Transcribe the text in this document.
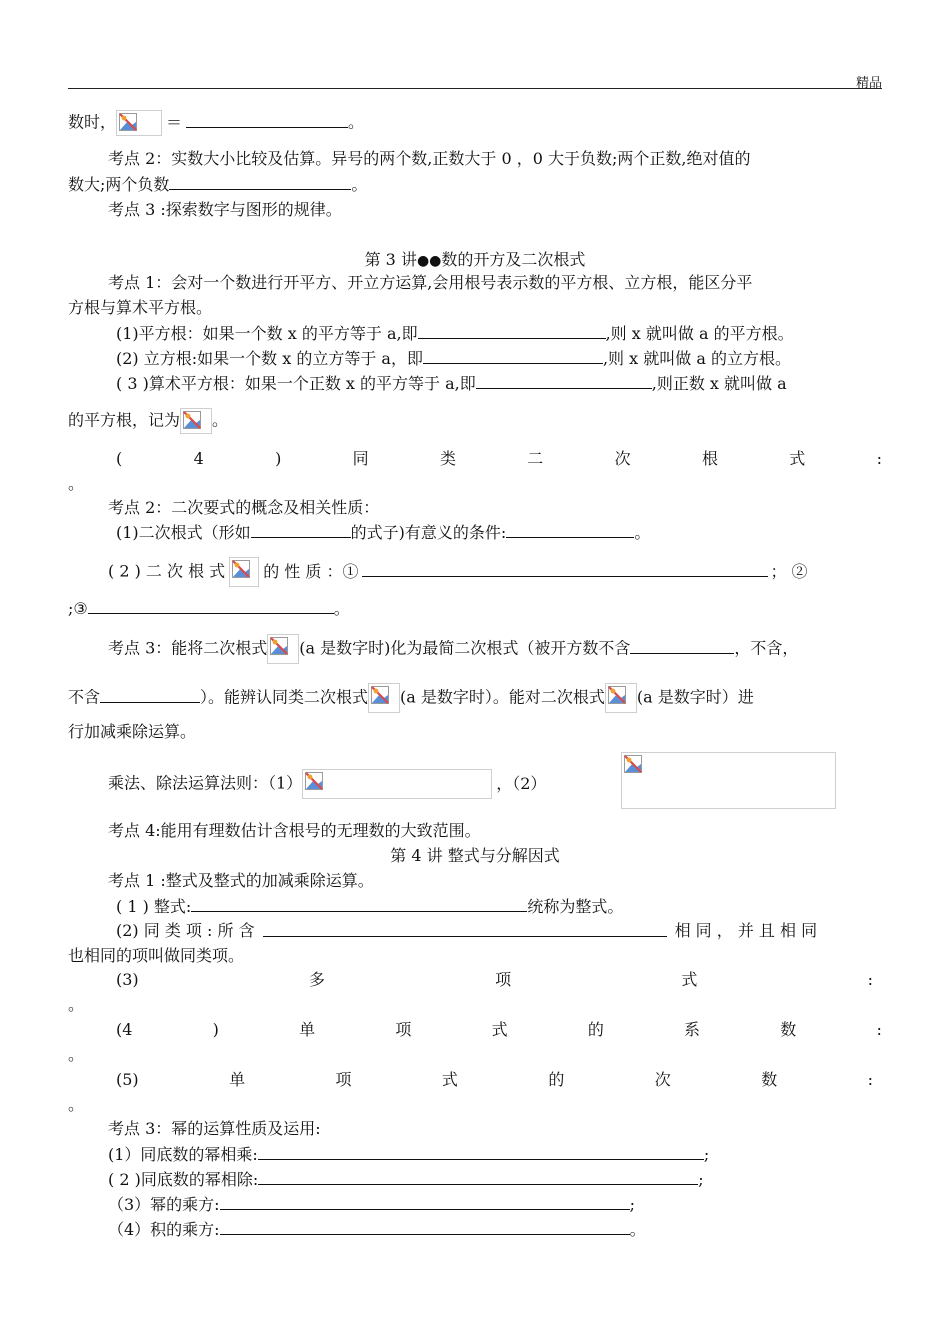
精品
数时，	＝	。
考点 2：实数大小比较及估算。异号的两个数,正数大于 0 ，0 大于负数;两个正数,绝对值的
数大;两个负数	。
考点 3 :探索数字与图形的规律。
第 3 讲●●数的开方及二次根式
考点 1：会对一个数进行开平方、开立方运算,会用根号表示数的平方根、立方根，能区分平
方根与算术平方根。
(1)平方根：如果一个数 x 的平方等于 a,即	,则 x 就叫做 a 的平方根。
(2) 立方根:如果一个数 x 的立方等于 a，即	,则 x 就叫做 a 的立方根。
( 3 )算术平方根：如果一个正数 x 的平方等于 a,即	,则正数 x 就叫做 a
的平方根，记为 。
(	4	)	同	类	二	次	根	式	:
。
考点 2：二次要式的概念及相关性质：
(1)二次根式（形如	的式子)有意义的条件:	。
( 2 ) 二 次 根 式 的 性 质 ：①	； ②
;③	。
考点 3：能将二次根式 (a 是数字时)化为最简二次根式（被开方数不含	，不含，
不含	）。能辨认同类二次根式 (a 是数字时）。能对二次根式 (a 是数字时）进
行加减乘除运算。
乘法、除法运算法则：（1）	，（2）
考点 4:能用有理数估计含根号的无理数的大致范围。
第 4 讲 整式与分解因式
考点 1 :整式及整式的加减乘除运算。
( 1 ) 整式:	统称为整式。
(2) 同 类 项 : 所 含	相 同 ， 并 且 相 同
也相同的项叫做同类项。
(3)	多	项	式	:
。
(4	)	单	项	式	的	系	数	:
。
(5)	单	项	式	的	次	数	:
。
考点 3：幂的运算性质及运用:
(1）同底数的幂相乘:	;
( 2 )同底数的幂相除:	;
（3）幂的乘方:	;
（4）积的乘方:	。
